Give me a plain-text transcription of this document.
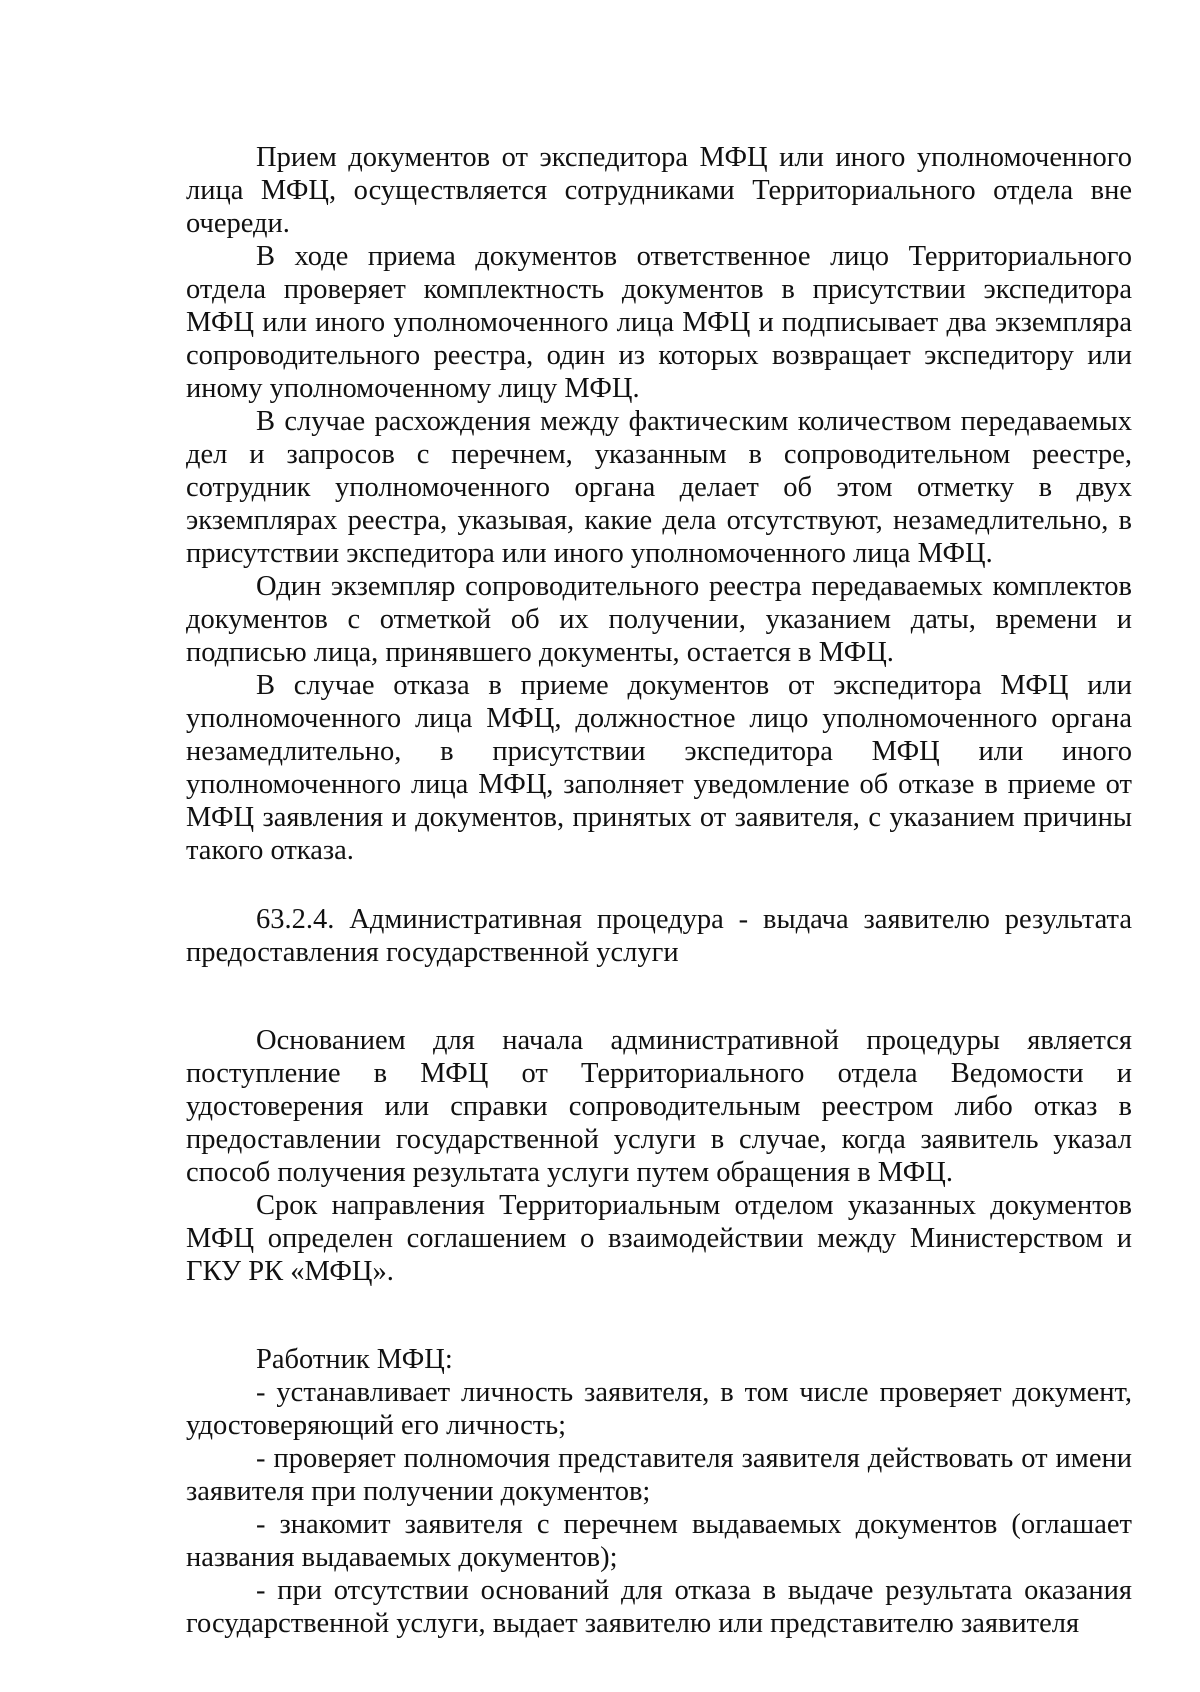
Прием документов от экспедитора МФЦ или иного уполномоченного лица МФЦ, осуществляется сотрудниками Территориального отдела вне очереди.

В ходе приема документов ответственное лицо Территориального отдела проверяет комплектность документов в присутствии экспедитора МФЦ или иного уполномоченного лица МФЦ и подписывает два экземпляра сопроводительного реестра, один из которых возвращает экспедитору или иному уполномоченному лицу МФЦ.

В случае расхождения между фактическим количеством передаваемых дел и запросов с перечнем, указанным в сопроводительном реестре, сотрудник уполномоченного органа делает об этом отметку в двух экземплярах реестра, указывая, какие дела отсутствуют, незамедлительно, в присутствии экспедитора или иного уполномоченного лица МФЦ.

Один экземпляр сопроводительного реестра передаваемых комплектов документов с отметкой об их получении, указанием даты, времени и подписью лица, принявшего документы, остается в МФЦ.

В случае отказа в приеме документов от экспедитора МФЦ или уполномоченного лица МФЦ, должностное лицо уполномоченного органа незамедлительно, в присутствии экспедитора МФЦ или иного уполномоченного лица МФЦ, заполняет уведомление об отказе в приеме от МФЦ заявления и документов, принятых от заявителя, с указанием причины такого отказа.

63.2.4. Административная процедура - выдача заявителю результата предоставления государственной услуги

Основанием для начала административной процедуры является поступление в МФЦ от Территориального отдела Ведомости и удостоверения или справки сопроводительным реестром либо отказ в предоставлении государственной услуги в случае, когда заявитель указал способ получения результата услуги путем обращения в МФЦ.

Срок направления Территориальным отделом указанных документов МФЦ определен соглашением о взаимодействии между Министерством и ГКУ РК «МФЦ».

Работник МФЦ:

- устанавливает личность заявителя, в том числе проверяет документ, удостоверяющий его личность;

- проверяет полномочия представителя заявителя действовать от имени заявителя при получении документов;

- знакомит заявителя с перечнем выдаваемых документов (оглашает названия выдаваемых документов);

- при отсутствии оснований для отказа в выдаче результата оказания государственной услуги, выдает заявителю или представителю заявителя
